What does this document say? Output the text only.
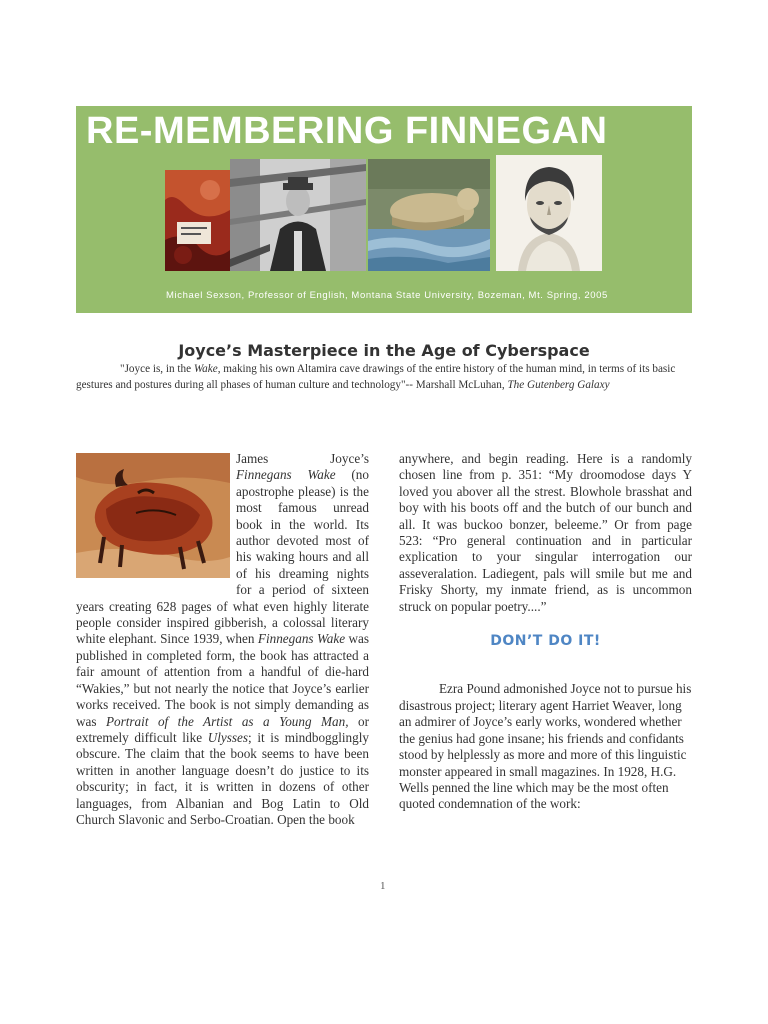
RE-MEMBERING FINNEGAN
Michael Sexson, Professor of English, Montana State University, Bozeman, Mt. Spring, 2005
Joyce’s Masterpiece in the Age of Cyberspace
"Joyce is, in the Wake, making his own Altamira cave drawings of the entire history of the human mind, in terms of its basic gestures and postures during all phases of human culture and technology"-- Marshall McLuhan, The Gutenberg Galaxy

James Joyce’s Finnegans Wake (no apostrophe please) is the most famous unread book in the world. Its author devoted most of his waking hours and all of his dreaming nights for a period of sixteen years creating 628 pages of what even highly literate people consider inspired gibberish, a colossal literary white elephant. Since 1939, when Finnegans Wake was published in completed form, the book has attracted a fair amount of attention from a handful of die-hard “Wakies,” but not nearly the notice that Joyce’s earlier works received. The book is not simply demanding as was Portrait of the Artist as a Young Man, or extremely difficult like Ulysses; it is mindbogglingly obscure. The claim that the book seems to have been written in another language doesn’t do justice to its obscurity; in fact, it is written in dozens of other languages, from Albanian and Bog Latin to Old Church Slavonic and Serbo-Croatian. Open the book

anywhere, and begin reading. Here is a randomly chosen line from p. 351: “My droomodose days Y loved you abover all the strest. Blowhole brasshat and boy with his boots off and the butch of our bunch and all. It was buckoo bonzer, beleeme.” Or from page 523: “Pro general continuation and in particular explication to your singular interrogation our asseveralation. Ladiegent, pals will smile but me and Frisky Shorty, my inmate friend, as is uncommon struck on popular poetry....”

DON’T DO IT!

Ezra Pound admonished Joyce not to pursue his disastrous project; literary agent Harriet Weaver, long an admirer of Joyce’s early works, wondered whether the genius had gone insane; his friends and confidants stood by helplessly as more and more of this linguistic monster appeared in small magazines. In 1928, H.G. Wells penned the line which may be the most often quoted condemnation of the work:

1
